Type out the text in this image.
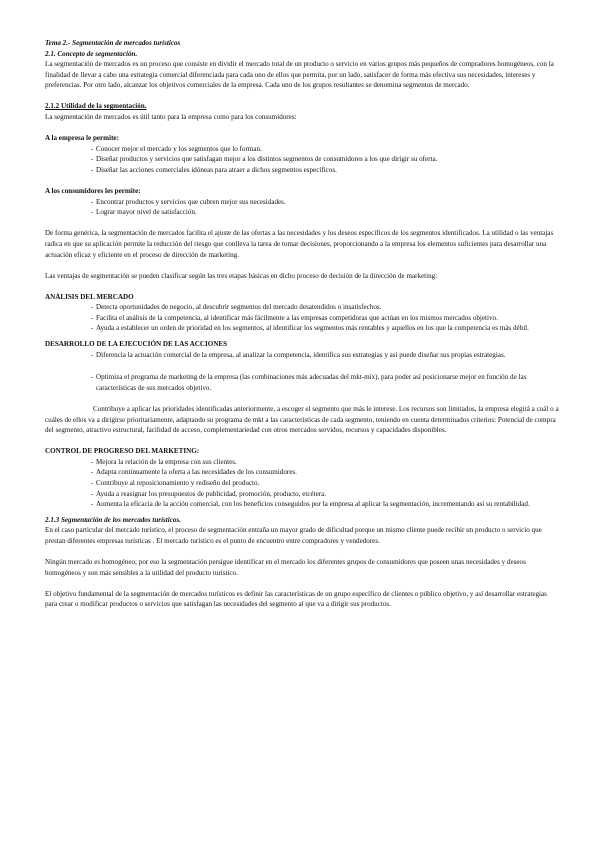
Tema 2.- Segmentación de mercados turísticos

2.1. Concepto de segmentación.

La segmentación de mercados es un proceso que consiste en dividir el mercado total de un producto o servicio en varios grupos más pequeños de compradores homogéneos, con la finalidad de llevar a cabo una estrategia comercial diferenciada para cada uno de ellos que permita, por un lado, satisfacer de forma más efectiva sus necesidades, intereses y preferencias. Por otro lado, alcanzar los objetivos comerciales de la empresa. Cada uno de los grupos resultantes se denomina segmentos de mercado.

2.1.2 Utilidad de la segmentación.

La segmentación de mercados es útil tanto para la empresa como para los consumidores:

A la empresa le permite:

- Conocer mejor el mercado y los segmentos que lo forman.
- Diseñar productos y servicios que satisfagan mejor a los distintos segmentos de consumidores a los que dirigir su oferta.
- Diseñar las acciones comerciales idóneas para atraer a dichos segmentos específicos.

A los consumidores les permite:

- Encontrar productos y servicios que cubren mejor sus necesidades.
- Lograr mayor nivel de satisfacción.

De forma genérica, la segmentación de mercados facilita el ajuste de las ofertas a las necesidades y los deseos específicos de los segmentos identificados. La utilidad o las ventajas radica en que su aplicación permite la reducción del riesgo que conlleva la tarea de tomar decisiones, proporcionando a la empresa los elementos suficientes para desarrollar una actuación eficaz y eficiente en el proceso de dirección de marketing.

Las ventajas de segmentación se pueden clasificar según las tres etapas básicas en dicho proceso de decisión de la dirección de marketing:

ANÁLISIS DEL MERCADO

- Detecta oportunidades de negocio, al descubrir segmentos del mercado desatendidos o insatisfechos.
- Facilita el análisis de la competencia, al identificar más fácilmente a las empresas competidoras que actúan en los mismos mercados objetivo.
- Ayuda a establecer un orden de prioridad en los segmentos, al identificar los segmentos más rentables y aquellos en los que la competencia es más débil.

DESARROLLO DE LA EJECUCIÓN DE LAS ACCIONES

- Diferencia la actuación comercial de la empresa, al analizar la competencia, identifica sus estrategias y así puede diseñar sus propias estrategias.
- Optimiza el programa de marketing de la empresa (las combinaciones más adecuadas del mkt-mix), para poder así posicionarse mejor en función de las características de sus mercados objetivo.

Contribuye a aplicar las prioridades identificadas anteriormente, a escoger el segmento que más le interese. Los recursos son limitados, la empresa elegirá a cuál o a cuáles de ellos va a dirigirse prioritariamente, adaptando su programa de mkt a las características de cada segmento, teniendo en cuenta determinados criterios: Potencial de compra del segmento, atractivo estructural, facilidad de acceso, complementariedad con otros mercados servidos, recursos y capacidades disponibles.

CONTROL DE PROGRESO DEL MARKETING:

- Mejora la relación de la empresa con sus clientes.
- Adapta continuamente la oferta a las necesidades de los consumidores.
- Contribuye al reposicionamiento y rediseño del producto.
- Ayuda a reasignar los presupuestos de publicidad, promoción, producto, etcétera.
- Aumenta la eficacia de la acción comercial, con los beneficios conseguidos por la empresa al aplicar la segmentación, incrementando así su rentabilidad.

2.1.3 Segmentación de los mercados turísticos.

En el caso particular del mercado turístico, el proceso de segmentación entraña un mayor grado de dificultad porque un mismo cliente puede recibir un producto o servicio que prestan diferentes empresas turísticas . El mercado turístico es el punto de encuentro entre compradores y vendedores.

Ningún mercado es homogéneo; por eso la segmentación persigue identificar en el mercado los diferentes grupos de consumidores que poseen unas necesidades y deseos homogéneos y son más sensibles a la utilidad del producto turístico.

El objetivo fundamental de la segmentación de mercados turísticos es definir las características de un grupo específico de clientes o público objetivo, y así desarrollar estrategias para crear o modificar productos o servicios que satisfagan las necesidades del segmento al que va a dirigir sus productos.
